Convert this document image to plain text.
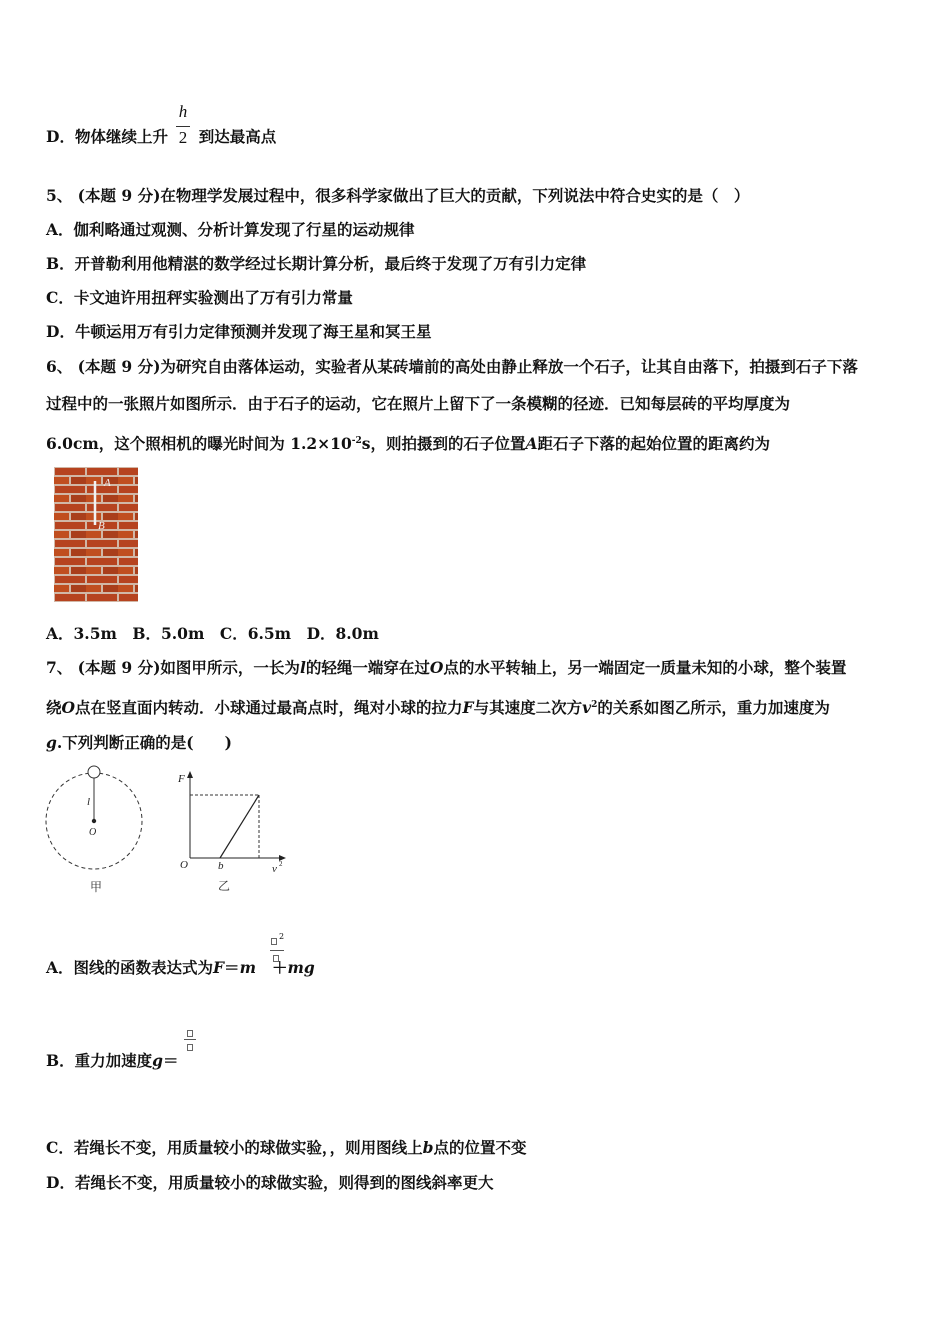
D．物体继续上升 到达最高点
h
2
5、 (本题 9 分)在物理学发展过程中，很多科学家做出了巨大的贡献，下列说法中符合史实的是（　）
A．伽利略通过观测、分析计算发现了行星的运动规律
B．开普勒利用他精湛的数学经过长期计算分析，最后终于发现了万有引力定律
C．卡文迪许用扭秤实验测出了万有引力常量
D．牛顿运用万有引力定律预测并发现了海王星和冥王星
6、 (本题 9 分)为研究自由落体运动，实验者从某砖墙前的高处由静止释放一个石子，让其自由落下，拍摄到石子下落
过程中的一张照片如图所示．由于石子的运动，它在照片上留下了一条模糊的径迹．已知每层砖的平均厚度为
6.0cm，这个照相机的曝光时间为 $1.2\times 10^{-2}s$，则拍摄到的石子位置A距石子下落的起始位置的距离约为
A
B
A．3.5m　B．5.0m　C．6.5m　D．8.0m
7、 (本题 9 分)如图甲所示，一长为l的轻绳一端穿在过O点的水平转轴上，另一端固定一质量未知的小球，整个装置
绕O点在竖直面内转动．小球通过最高点时，绳对小球的拉力F与其速度二次方$v^2$的关系如图乙所示，重力加速度为
g.下列判断正确的是(　　)
l
O
甲
F
O	b	v 2
乙
A．图线的函数表达式为F＝m ＋mg
2
B．重力加速度g＝
C．若绳长不变，用质量较小的球做实验，，则用图线上b点的位置不变
D．若绳长不变，用质量较小的球做实验，则得到的图线斜率更大
